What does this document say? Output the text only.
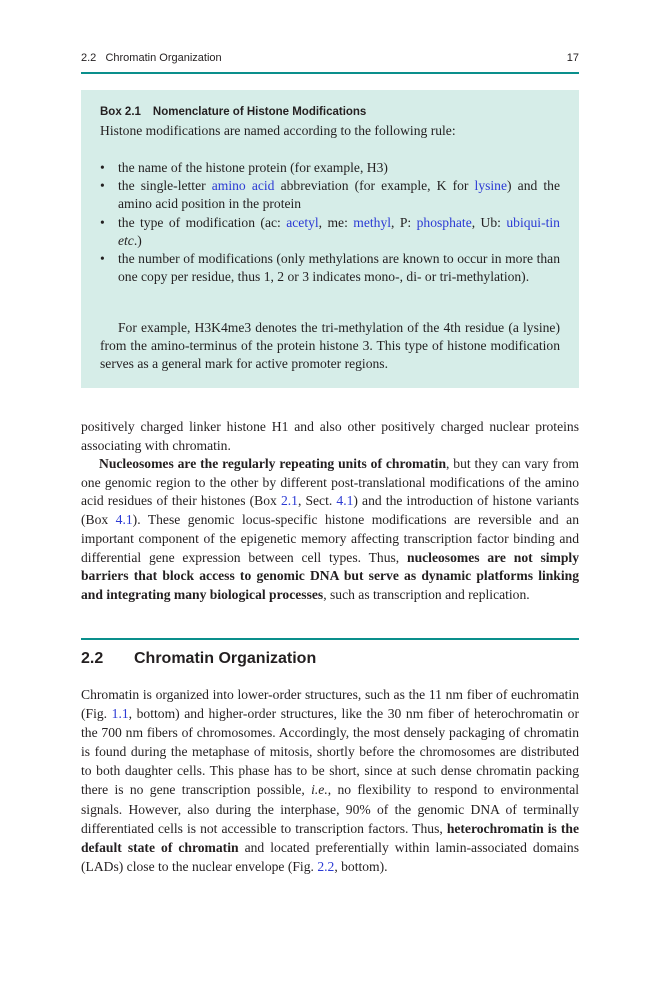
2.2   Chromatin Organization	17
Box 2.1 Nomenclature of Histone Modifications
Histone modifications are named according to the following rule:
• the name of the histone protein (for example, H3)
• the single-letter amino acid abbreviation (for example, K for lysine) and the amino acid position in the protein
• the type of modification (ac: acetyl, me: methyl, P: phosphate, Ub: ubiqui-tin etc.)
• the number of modifications (only methylations are known to occur in more than one copy per residue, thus 1, 2 or 3 indicates mono-, di- or tri-methylation).
For example, H3K4me3 denotes the tri-methylation of the 4th residue (a lysine) from the amino-terminus of the protein histone 3. This type of histone modification serves as a general mark for active promoter regions.
positively charged linker histone H1 and also other positively charged nuclear proteins associating with chromatin.
Nucleosomes are the regularly repeating units of chromatin, but they can vary from one genomic region to the other by different post-translational modifications of the amino acid residues of their histones (Box 2.1, Sect. 4.1) and the introduction of histone variants (Box 4.1). These genomic locus-specific histone modifications are reversible and an important component of the epigenetic memory affecting transcription factor binding and differential gene expression between cell types. Thus, nucleosomes are not simply barriers that block access to genomic DNA but serve as dynamic platforms linking and integrating many biological processes, such as transcription and replication.
2.2 Chromatin Organization
Chromatin is organized into lower-order structures, such as the 11 nm fiber of euchromatin (Fig. 1.1, bottom) and higher-order structures, like the 30 nm fiber of heterochromatin or the 700 nm fibers of chromosomes. Accordingly, the most densely packaging of chromatin is found during the metaphase of mitosis, shortly before the chromosomes are distributed to both daughter cells. This phase has to be short, since at such dense chromatin packing there is no gene transcription possible, i.e., no flexibility to respond to environmental signals. However, also during the interphase, 90% of the genomic DNA of terminally differentiated cells is not accessible to transcription factors. Thus, heterochromatin is the default state of chromatin and located preferentially within lamin-associated domains (LADs) close to the nuclear envelope (Fig. 2.2, bottom).
